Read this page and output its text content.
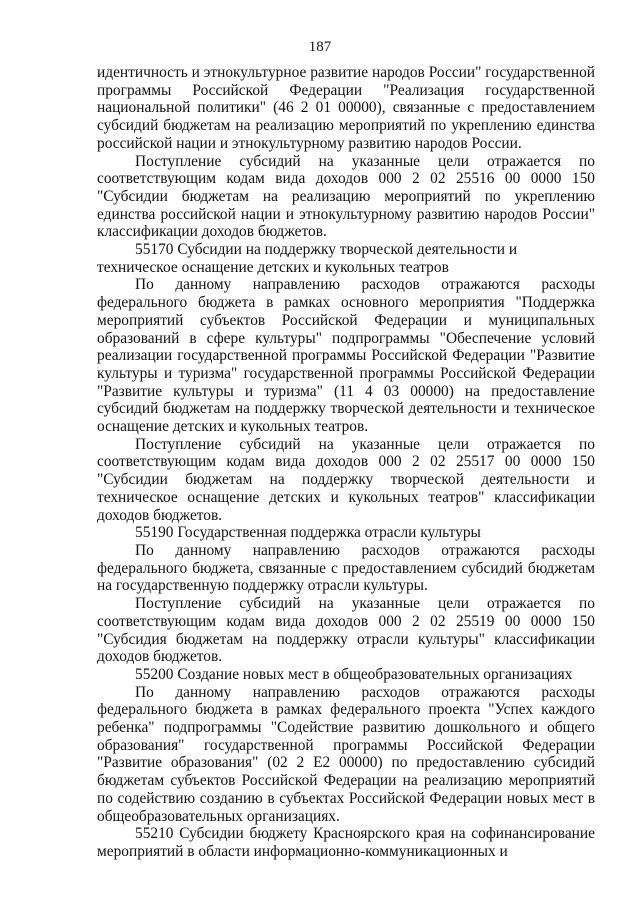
187

идентичность и этнокультурное развитие народов России" государственной программы Российской Федерации "Реализация государственной национальной политики" (46 2 01 00000), связанные с предоставлением субсидий бюджетам на реализацию мероприятий по укреплению единства российской нации и этнокультурному развитию народов России.

Поступление субсидий на указанные цели отражается по соответствующим кодам вида доходов 000 2 02 25516 00 0000 150 "Субсидии бюджетам на реализацию мероприятий по укреплению единства российской нации и этнокультурному развитию народов России" классификации доходов бюджетов.

55170 Субсидии на поддержку творческой деятельности и техническое оснащение детских и кукольных театров

По данному направлению расходов отражаются расходы федерального бюджета в рамках основного мероприятия "Поддержка мероприятий субъектов Российской Федерации и муниципальных образований в сфере культуры" подпрограммы "Обеспечение условий реализации государственной программы Российской Федерации "Развитие культуры и туризма" государственной программы Российской Федерации "Развитие культуры и туризма" (11 4 03 00000) на предоставление субсидий бюджетам на поддержку творческой деятельности и техническое оснащение детских и кукольных театров.

Поступление субсидий на указанные цели отражается по соответствующим кодам вида доходов 000 2 02 25517 00 0000 150 "Субсидии бюджетам на поддержку творческой деятельности и техническое оснащение детских и кукольных театров" классификации доходов бюджетов.

55190 Государственная поддержка отрасли культуры

По данному направлению расходов отражаются расходы федерального бюджета, связанные с предоставлением субсидий бюджетам на государственную поддержку отрасли культуры.

Поступление субсидий на указанные цели отражается по соответствующим кодам вида доходов 000 2 02 25519 00 0000 150 "Субсидия бюджетам на поддержку отрасли культуры" классификации доходов бюджетов.

55200 Создание новых мест в общеобразовательных организациях

По данному направлению расходов отражаются расходы федерального бюджета в рамках федерального проекта "Успех каждого ребенка" подпрограммы "Содействие развитию дошкольного и общего образования" государственной программы Российской Федерации "Развитие образования" (02 2 Е2 00000) по предоставлению субсидий бюджетам субъектов Российской Федерации на реализацию мероприятий по содействию созданию в субъектах Российской Федерации новых мест в общеобразовательных организациях.

55210 Субсидии бюджету Красноярского края на софинансирование мероприятий в области информационно-коммуникационных и
